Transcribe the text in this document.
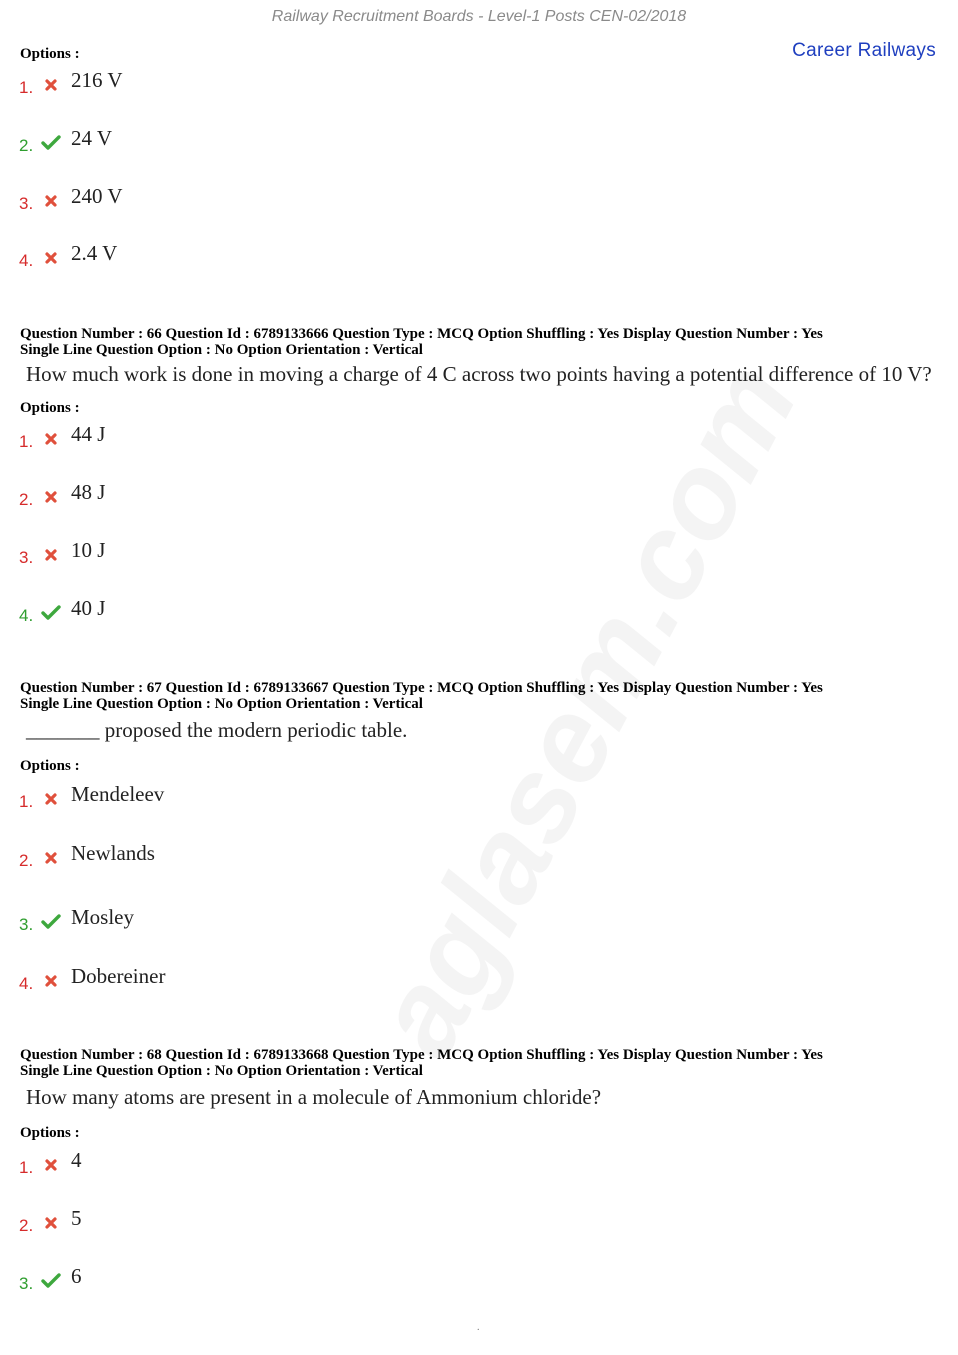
Railway Recruitment Boards - Level-1 Posts CEN-02/2018
Career Railways
Options :
1. 216 V
2. 24 V
3. 240 V
4. 2.4 V
Question Number : 66 Question Id : 6789133666 Question Type : MCQ Option Shuffling : Yes Display Question Number : Yes
Single Line Question Option : No Option Orientation : Vertical
How much work is done in moving a charge of 4 C across two points having a potential difference of 10 V?
Options :
1. 44 J
2. 48 J
3. 10 J
4. 40 J
Question Number : 67 Question Id : 6789133667 Question Type : MCQ Option Shuffling : Yes Display Question Number : Yes
Single Line Question Option : No Option Orientation : Vertical
_______ proposed the modern periodic table.
Options :
1. Mendeleev
2. Newlands
3. Mosley
4. Dobereiner
Question Number : 68 Question Id : 6789133668 Question Type : MCQ Option Shuffling : Yes Display Question Number : Yes
Single Line Question Option : No Option Orientation : Vertical
How many atoms are present in a molecule of Ammonium chloride?
Options :
1. 4
2. 5
3. 6
.
